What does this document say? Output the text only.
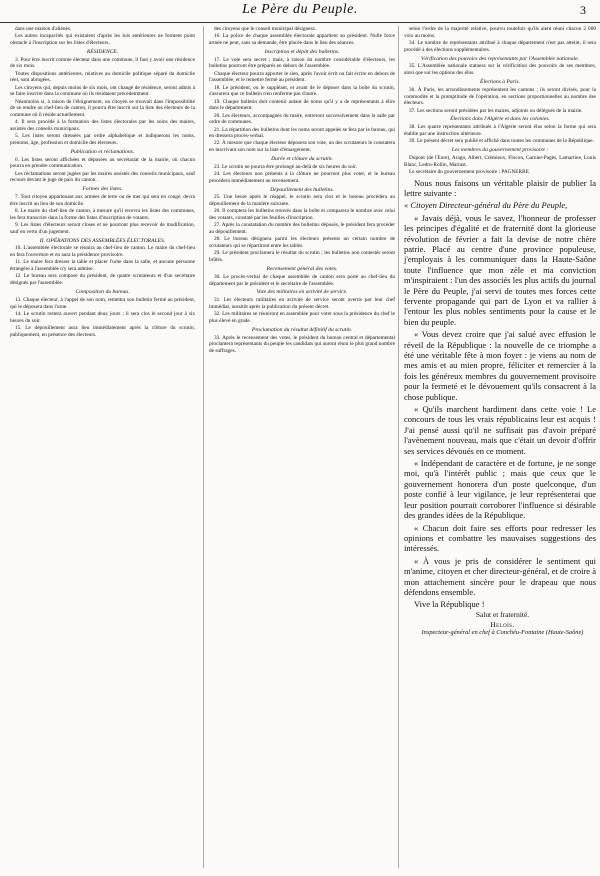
Le Père du Peuple.	3

dans une maison d'aliénés.

Les autres incapacités qui existaient d'après les lois antérieures ne forment point obstacle à l'inscription sur les listes d'électeurs.

RÉSIDENCE.

3. Pour être inscrit comme électeur dans une commune, il faut y avoir une résidence de six mois.

Toutes dispositions antérieures, relatives au domicile politique séparé du domicile réel, sont abrogées.

Les citoyens qui, depuis moins de six mois, ont changé de résidence, seront admis à se faire inscrire dans la commune où ils résidaient précédemment.

Néanmoins si, à raison de l'éloignement, un citoyen se trouvait dans l'impossibilité de se rendre au chef-lieu de canton, il pourra être inscrit sur la liste des électeurs de la commune où il réside actuellement.

4. Il sera procédé à la formation des listes électorales par les soins des maires, assistés des conseils municipaux.

5. Les listes seront dressées par ordre alphabétique et indiqueront les noms, prénoms, âge, profession et domicile des électeurs.

Publication et réclamations.

6. Les listes seront affichées et déposées au secrétariat de la mairie, où chacun pourra en prendre communication.

Les réclamations seront jugées par les maires assistés des conseils municipaux, sauf recours devant le juge de paix du canton.

Formes des listes.

7. Tout citoyen appartenant aux armées de terre ou de mer qui sera en congé, devra être inscrit au lieu de son domicile.

8. Le maire du chef-lieu de canton, à mesure qu'il recevra les listes des communes, les fera transcrire dans la forme des listes d'inscription de votants.

9. Les listes d'électeurs seront closes et ne pourront plus recevoir de modification, sauf en vertu d'un jugement.

II. OPÉRATIONS DES ASSEMBLÉES ÉLECTORALES.

10. L'assemblée électorale se réunira au chef-lieu de canton. Le maire du chef-lieu en fera l'ouverture et en aura la présidence provisoire.

11. Le maire fera dresser la table et placer l'urne dans la salle, et aucune personne étrangère à l'assemblée n'y sera admise.

12. Le bureau sera composé du président, de quatre scrutateurs et d'un secrétaire désignés par l'assemblée.

Composition du bureau.

13. Chaque électeur, à l'appel de son nom, remettra son bulletin fermé au président, qui le déposera dans l'urne.

14. Le scrutin restera ouvert pendant deux jours ; il sera clos le second jour à six heures du soir.

15. Le dépouillement aura lieu immédiatement après la clôture du scrutin, publiquement, en présence des électeurs.

des citoyens que le conseil municipal désignera.

16. La police de chaque assemblée électorale appartient au président. Nulle force armée ne peut, sans sa demande, être placée dans le lieu des séances.

Inscription et dépôt des bulletins.

17. Le vote sera secret ; mais, à raison du nombre considérable d'électeurs, les bulletins pourront être préparés en dehors de l'assemblée.

Chaque électeur pourra apporter le sien, après l'avoir écrit ou fait écrire en dehors de l'assemblée, et le remettre fermé au président.

18. Le président, ou le suppléant, et avant de le déposer dans la boîte du scrutin, s'assurera que ce bulletin n'en renferme pas d'autre.

19. Chaque bulletin doit contenir autant de noms qu'il y a de représentants à élire dans le département.

20. Les électeurs, accompagnés du maire, entreront successivement dans la salle par ordre de communes.

21. La répartition des bulletins dont les noms seront appelés se fera par le bureau, qui en dressera procès-verbal.

22. À mesure que chaque électeur déposera son vote, un des scrutateurs le constatera en inscrivant son nom sur la liste d'émargement.

Durée et clôture du scrutin.

23. Le scrutin ne pourra être prolongé au-delà de six heures du soir.

24. Les électeurs non présents à la clôture ne pourront plus voter, et le bureau procédera immédiatement au recensement.

Dépouillement des bulletins.

25. Une heure après le réappel, le scrutin sera clos et le bureau procédera au dépouillement de la manière suivante.

26. Il comptera les bulletins trouvés dans la boîte et comparera le nombre avec celui des votants, constaté par les feuilles d'inscription.

27. Après la constatation du nombre des bulletins déposés, le président fera procéder au dépouillement.

28. Le bureau désignera parmi les électeurs présents un certain nombre de scrutateurs qui se répartiront entre les tables.

29. Le président proclamera le résultat du scrutin ; les bulletins non contestés seront brûlés.

Recensement général des votes.

30. Le procès-verbal de chaque assemblée de canton sera porté au chef-lieu du département par le président et le secrétaire de l'assemblée.

Vote des militaires en activité de service.

31. Les électeurs militaires en activité de service seront avertis par leur chef immédiat, aussitôt après la publication du présent décret.

32. Les militaires se réuniront en assemblée pour voter sous la présidence du chef le plus élevé en grade.

Proclamation du résultat définitif du scrutin.

33. Après le recensement des votes, le président du bureau central et départemental proclamera représentants du peuple les candidats qui auront réuni le plus grand nombre de suffrages.

selon l'ordre de la majorité relative, pourvu toutefois qu'ils aient réuni chacun 2 000 voix au moins.

34. Le nombre de représentants attribué à chaque département n'est pas atteint, il sera procédé à des élections supplémentaires.

Vérification des pouvoirs des représentants par l'Assemblée nationale.

35. L'Assemblée nationale statuera sur la vérification des pouvoirs de ses membres, ainsi que sur les options des élus.

Élections à Paris.

36. À Paris, les arrondissements représentent les cantons ; ils seront divisés, pour la commodité et la promptitude de l'opération, en sections proportionnelles au nombre des électeurs.

37. Les sections seront présidées par les maires, adjoints ou délégués de la mairie.

Élections dans l'Algérie et dans les colonies.

38. Les quatre représentants attribués à l'Algérie seront élus selon la forme qui sera établie par une instruction ultérieure.

39. Le présent décret sera publié et affiché dans toutes les communes de la République.

Les membres du gouvernement provisoire :

Dupont (de l'Eure), Arago, Albert, Crémieux, Flocon, Garnier-Pagès, Lamartine, Louis Blanc, Ledru-Rollin, Marrast.

Le secrétaire du gouvernement provisoire : PAGNERRE.

Nous nous faisons un véritable plaisir de publier la lettre suivante :

« Citoyen Directeur-général du Père du Peuple,

« Javais déjà, vous le savez, l'honneur de professer les principes d'égalité et de fraternité dont la glorieuse révolution de février a fait la devise de notre chère patrie. Placé au centre d'une province populeuse, j'employais à les communiquer dans la Haute-Saône toute l'influence que mon zèle et ma conviction m'inspiraient : l'un des associés les plus actifs du journal le Père du Peuple, j'ai servi de toutes mes forces cette fervente propagande qui part de Lyon et va rallier à l'entour les plus nobles sentiments pour la cause et le bien du peuple.

« Vous devez croire que j'ai salué avec effusion le réveil de la République : la nouvelle de ce triomphe a été une véritable fête à mon foyer : je viens au nom de mes amis et au mien propre, féliciter et remercier à la fois les généreux membres du gouvernement provisoire pour la fermeté et le dévouement qu'ils consacrent à la chose publique.

« Qu'ils marchent hardiment dans cette voie ! Le concours de tous les vrais républicains leur est acquis ! J'ai pensé aussi qu'il ne suffisait pas d'avoir préparé l'avènement nouveau, mais que c'était un devoir d'offrir ses services dévoués en ce moment.

« Indépendant de caractère et de fortune, je ne songe moi, qu'à l'intérêt public ; mais que ceux que le gouvernement honorera d'un poste quelconque, d'un poste confié à leur vigilance, je leur représenterai que leur position pourrait corroborer l'influence si désirable des grandes idées de la République.

« Chacun doit faire ses efforts pour redresser les opinions et combattre les mauvaises suggestions des intéressés.

« À vous je pris de considérer le sentiment qui m'anime, citoyen et cher directeur-général, et de croire à mon attachement sincère pour le drapeau que nous défendons ensemble.

Vive la République !

Salut et fraternité.

Heloïs.

Inspecteur-général en chef à Conchéu-Fontaine (Haute-Saône)
